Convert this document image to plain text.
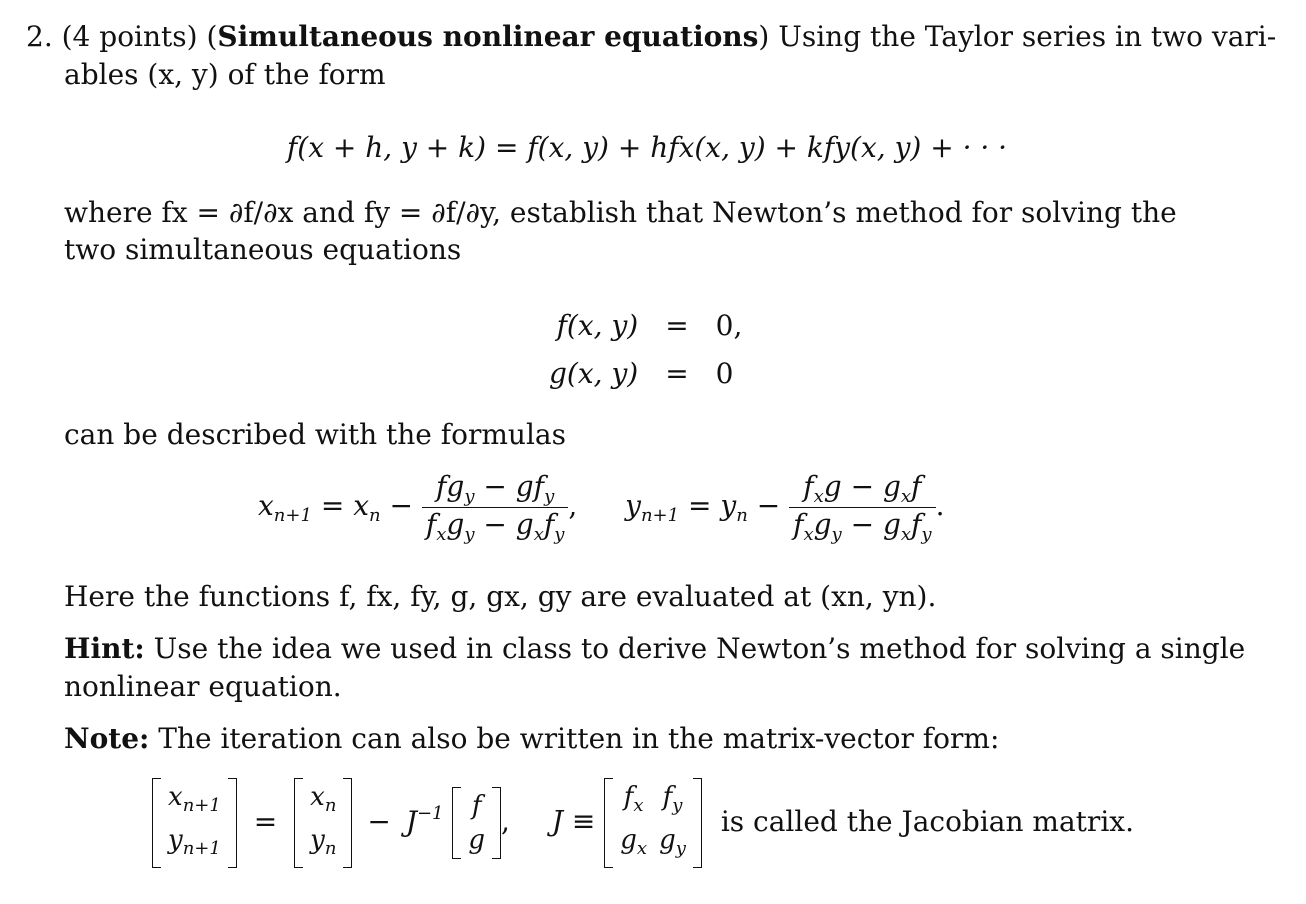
2. (4 points) (Simultaneous nonlinear equations) Using the Taylor series in two vari-
ables (x, y) of the form
f(x + h, y + k) = f(x, y) + hfx(x, y) + kfy(x, y) + · · ·
where fx = ∂f/∂x and fy = ∂f/∂y, establish that Newton’s method for solving the
two simultaneous equations
f(x, y)	=	0,
g(x, y)	=	0
can be described with the formulas
$x_{n+1} = x_n - \frac{fg_y - gf_y}{f_xg_y - g_xf_y}$ ,  $y_{n+1} = y_n - \frac{f_xg - g_xf}{f_xg_y - g_xf_y}$ .
Here the functions f, fx, fy, g, gx, gy are evaluated at (xn, yn).
Hint: Use the idea we used in class to derive Newton’s method for solving a single
nonlinear equation.
Note: The iteration can also be written in the matrix-vector form:
$x_{n+1}$
$y_{n+1}$
=
$x_n$
$y_n$
− $J^{-1}$ f
g
,  J ≡
$f_x$	$f_y$
$g_x$	$g_y$
is called the Jacobian matrix.
